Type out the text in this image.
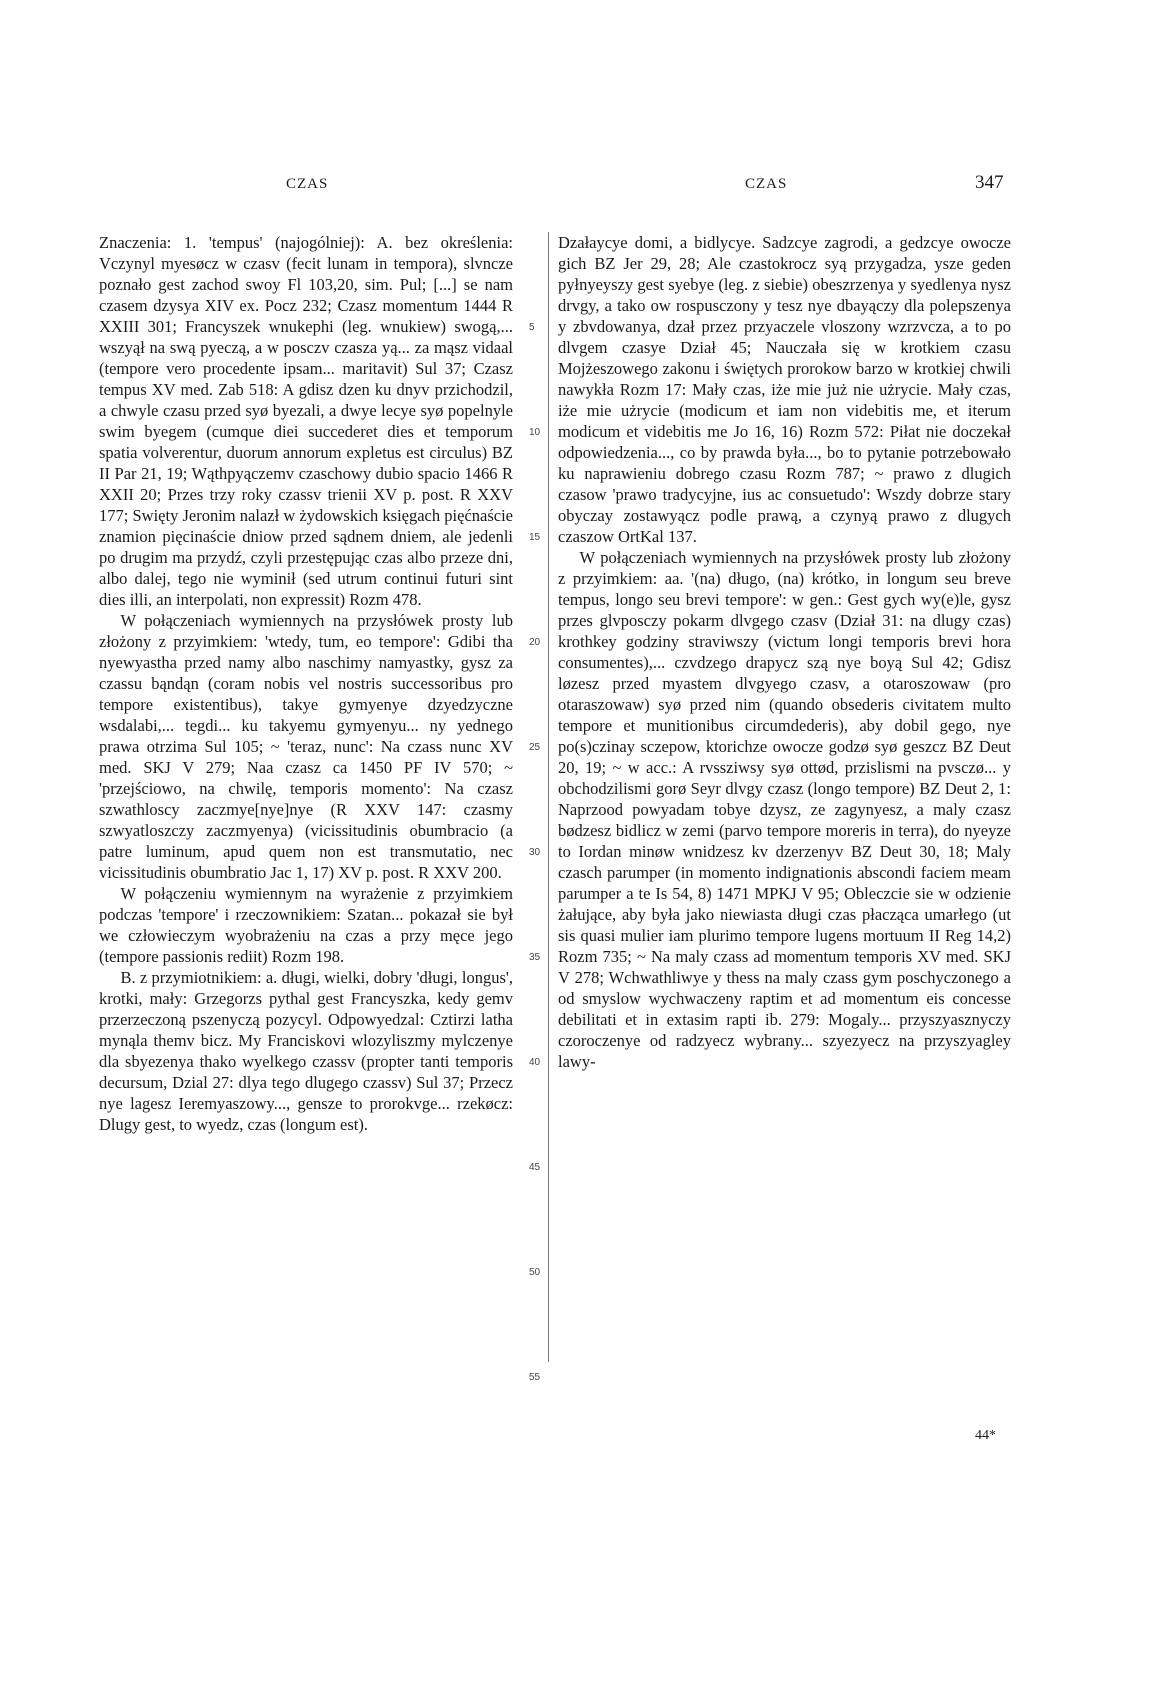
CZAS	CZAS	347

Znaczenia: 1. 'tempus' (najogólniej): A. bez określenia: Vczynyl myesøcz w czasv (fecit lunam in tempora), slvncze poznało gest zachod swoy Fl 103,20, sim. Pul; [...] se nam czasem dzysya XIV ex. Pocz 232; Czasz momentum 1444 R XXIII 301; Francyszek wnukephi (leg. wnukiew) swogą,... wszyął na swą pyeczą, a w posczv czasza yą... za mąsz vidaal (tempore vero procedente ipsam... maritavit) Sul 37; Czasz tempus XV med. Zab 518: A gdisz dzen ku dnyv przichodzil, a chwyle czasu przed syø byezali, a dwye lecye syø popelnyle swim byegem (cumque diei succederet dies et temporum spatia volverentur, duorum annorum expletus est circulus) BZ II Par 21, 19; Wąthpyączemv czaschowy dubio spacio 1466 R XXII 20; Przes trzy roky czassv trienii XV p. post. R XXV 177; Swięty Jeronim nalazł w żydowskich księgach pięćnaście znamion pięcinaście dniow przed sądnem dniem, ale jedenli po drugim ma przydź, czyli przestępując czas albo przeze dni, albo dalej, tego nie wyminił (sed utrum continui futuri sint dies illi, an interpolati, non expressit) Rozm 478.

W połączeniach wymiennych na przysłówek prosty lub złożony z przyimkiem: 'wtedy, tum, eo tempore': Gdibi tha nyewyastha przed namy albo naschimy namyastky, gysz za czassu bąndąn (coram nobis vel nostris successoribus pro tempore existentibus), takye gymyenye dzyedzyczne wsdalabi,... tegdi... ku takyemu gymyenyu... ny yednego prawa otrzima Sul 105; ~ 'teraz, nunc': Na czass nunc XV med. SKJ V 279; Naa czasz ca 1450 PF IV 570; ~ 'przejściowo, na chwilę, temporis momento': Na czasz szwathloscy zaczmye[nye]nye (R XXV 147: czasmy szwyatloszczy zaczmyenya) (vicissitudinis obumbracio (a patre luminum, apud quem non est transmutatio, nec vicissitudinis obumbratio Jac 1, 17) XV p. post. R XXV 200.

W połączeniu wymiennym na wyrażenie z przyimkiem podczas 'tempore' i rzeczownikiem: Szatan... pokazał sie był we człowieczym wyobrażeniu na czas a przy męce jego (tempore passionis rediit) Rozm 198.

B. z przymiotnikiem: a. długi, wielki, dobry 'długi, longus', krotki, mały: Grzegorzs pythal gest Francyszka, kedy gemv przerzeczoną pszenyczą pozycyl. Odpowyedzal: Cztirzi latha mynąla themv bicz. My Franciskovi wlozyliszmy mylczenye dla sbyezenya thako wyelkego czassv (propter tanti temporis decursum, Dzial 27: dlya tego dlugego czassv) Sul 37; Przecz nye lagesz Ieremyaszowy..., gensze to prorokvge... rzekøcz: Dlugy gest, to wyedz, czas (longum est).

5
10
15
20
25
30
35
40
45
50
55

Dzałaycye domi, a bidlycye. Sadzcye zagrodi, a gedzcye owocze gich BZ Jer 29, 28; Ale czastokrocz syą przygadza, ysze geden pyłnyeyszy gest syebye (leg. z siebie) obeszrzenya y syedlenya nysz drvgy, a tako ow rospusczony y tesz nye dbayączy dla polepszenya y zbvdowanya, dzał przez przyaczele vloszony wzrzvcza, a to po dlvgem czasye Dział 45; Nauczała się w krotkiem czasu Mojżeszowego zakonu i świętych prorokow barzo w krotkiej chwili nawykła Rozm 17: Mały czas, iże mie już nie użrycie. Mały czas, iże mie użrycie (modicum et iam non videbitis me, et iterum modicum et videbitis me Jo 16, 16) Rozm 572: Piłat nie doczekał odpowiedzenia..., co by prawda była..., bo to pytanie potrzebowało ku naprawieniu dobrego czasu Rozm 787; ~ prawo z dlugich czasow 'prawo tradycyjne, ius ac consuetudo': Wszdy dobrze stary obyczay zostawyącz podle prawą, a czynyą prawo z dlugych czaszow OrtKal 137.

W połączeniach wymiennych na przysłówek prosty lub złożony z przyimkiem: aa. '(na) długo, (na) krótko, in longum seu breve tempus, longo seu brevi tempore': w gen.: Gest gych wy(e)le, gysz przes glvposczy pokarm dlvgego czasv (Dział 31: na dlugy czas) krothkey godziny straviwszy (victum longi temporis brevi hora consumentes),... czvdzego drapycz szą nye boyą Sul 42; Gdisz løzesz przed myastem dlvgyego czasv, a otaroszowaw (pro otaraszowaw) syø przed nim (quando obsederis civitatem multo tempore et munitionibus circumdederis), aby dobil gego, nye po(s)czinay sczepow, ktorichze owocze godzø syø geszcz BZ Deut 20, 19; ~ w acc.: A rvssziwsy syø ottød, przislismi na pvsczø... y obchodzilismi gorø Seyr dlvgy czasz (longo tempore) BZ Deut 2, 1: Naprzood powyadam tobye dzysz, ze zagynyesz, a maly czasz bødzesz bidlicz w zemi (parvo tempore moreris in terra), do nyeyze to Iordan minøw wnidzesz kv dzerzenyv BZ Deut 30, 18; Maly czasch parumper (in momento indignationis abscondi faciem meam parumper a te Is 54, 8) 1471 MPKJ V 95; Obleczcie sie w odzienie żałujące, aby była jako niewiasta długi czas płacząca umarłego (ut sis quasi mulier iam plurimo tempore lugens mortuum II Reg 14,2) Rozm 735; ~ Na maly czass ad momentum temporis XV med. SKJ V 278; Wchwathliwye y thess na maly czass gym poschyczonego a od smyslow wychwaczeny raptim et ad momentum eis concesse debilitati et in extasim rapti ib. 279: Mogaly... przyszyasznyczy czoroczenye od radzyecz wybrany... szyezyecz na przyszyagley lawy-

44*
